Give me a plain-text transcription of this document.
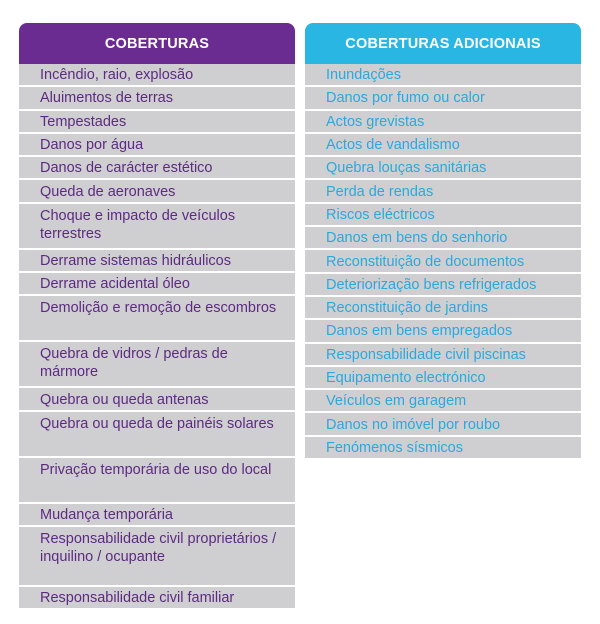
COBERTURAS
Incêndio, raio, explosão
Aluimentos de terras
Tempestades
Danos por água
Danos de carácter estético
Queda de aeronaves
Choque e impacto de veículos terrestres
Derrame sistemas hidráulicos
Derrame acidental óleo
Demolição e remoção de escombros
Quebra de vidros / pedras de mármore
Quebra ou queda antenas
Quebra ou queda de painéis solares
Privação temporária de uso do local
Mudança temporária
Responsabilidade civil proprietários / inquilino / ocupante
Responsabilidade civil familiar
COBERTURAS ADICIONAIS
Inundações
Danos por fumo ou calor
Actos grevistas
Actos de vandalismo
Quebra louças sanitárias
Perda de rendas
Riscos eléctricos
Danos em bens do senhorio
Reconstituição de documentos
Deteriorização bens refrigerados
Reconstituição de jardins
Danos em bens empregados
Responsabilidade civil piscinas
Equipamento electrónico
Veículos em garagem
Danos no imóvel por roubo
Fenómenos sísmicos
